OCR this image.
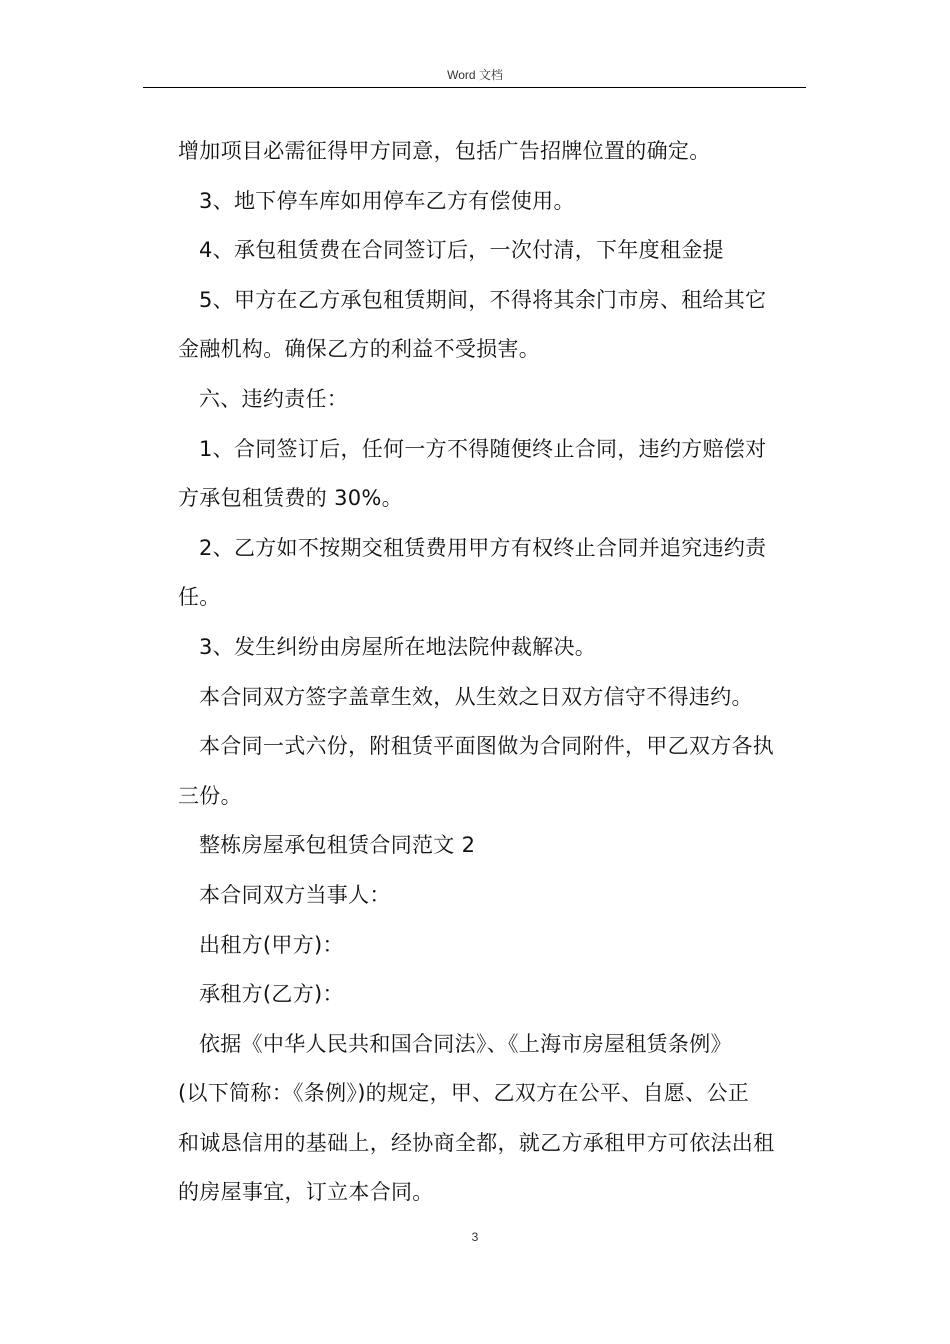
Word 文档

增加项目必需征得甲方同意，包括广告招牌位置的确定。

3、地下停车库如用停车乙方有偿使用。

4、承包租赁费在合同签订后，一次付清，下年度租金提

5、甲方在乙方承包租赁期间，不得将其余门市房、租给其它

金融机构。确保乙方的利益不受损害。

六、违约责任：

1、合同签订后，任何一方不得随便终止合同，违约方赔偿对

方承包租赁费的 30%。

2、乙方如不按期交租赁费用甲方有权终止合同并追究违约责

任。

3、发生纠纷由房屋所在地法院仲裁解决。

本合同双方签字盖章生效，从生效之日双方信守不得违约。

本合同一式六份，附租赁平面图做为合同附件，甲乙双方各执

三份。

整栋房屋承包租赁合同范文 2

本合同双方当事人：

出租方(甲方)：

承租方(乙方)：

依据《中华人民共和国合同法》、《上海市房屋租赁条例》

(以下简称：《条例》)的规定，甲、乙双方在公平、自愿、公正

和诚恳信用的基础上，经协商全都，就乙方承租甲方可依法出租

的房屋事宜，订立本合同。

3
